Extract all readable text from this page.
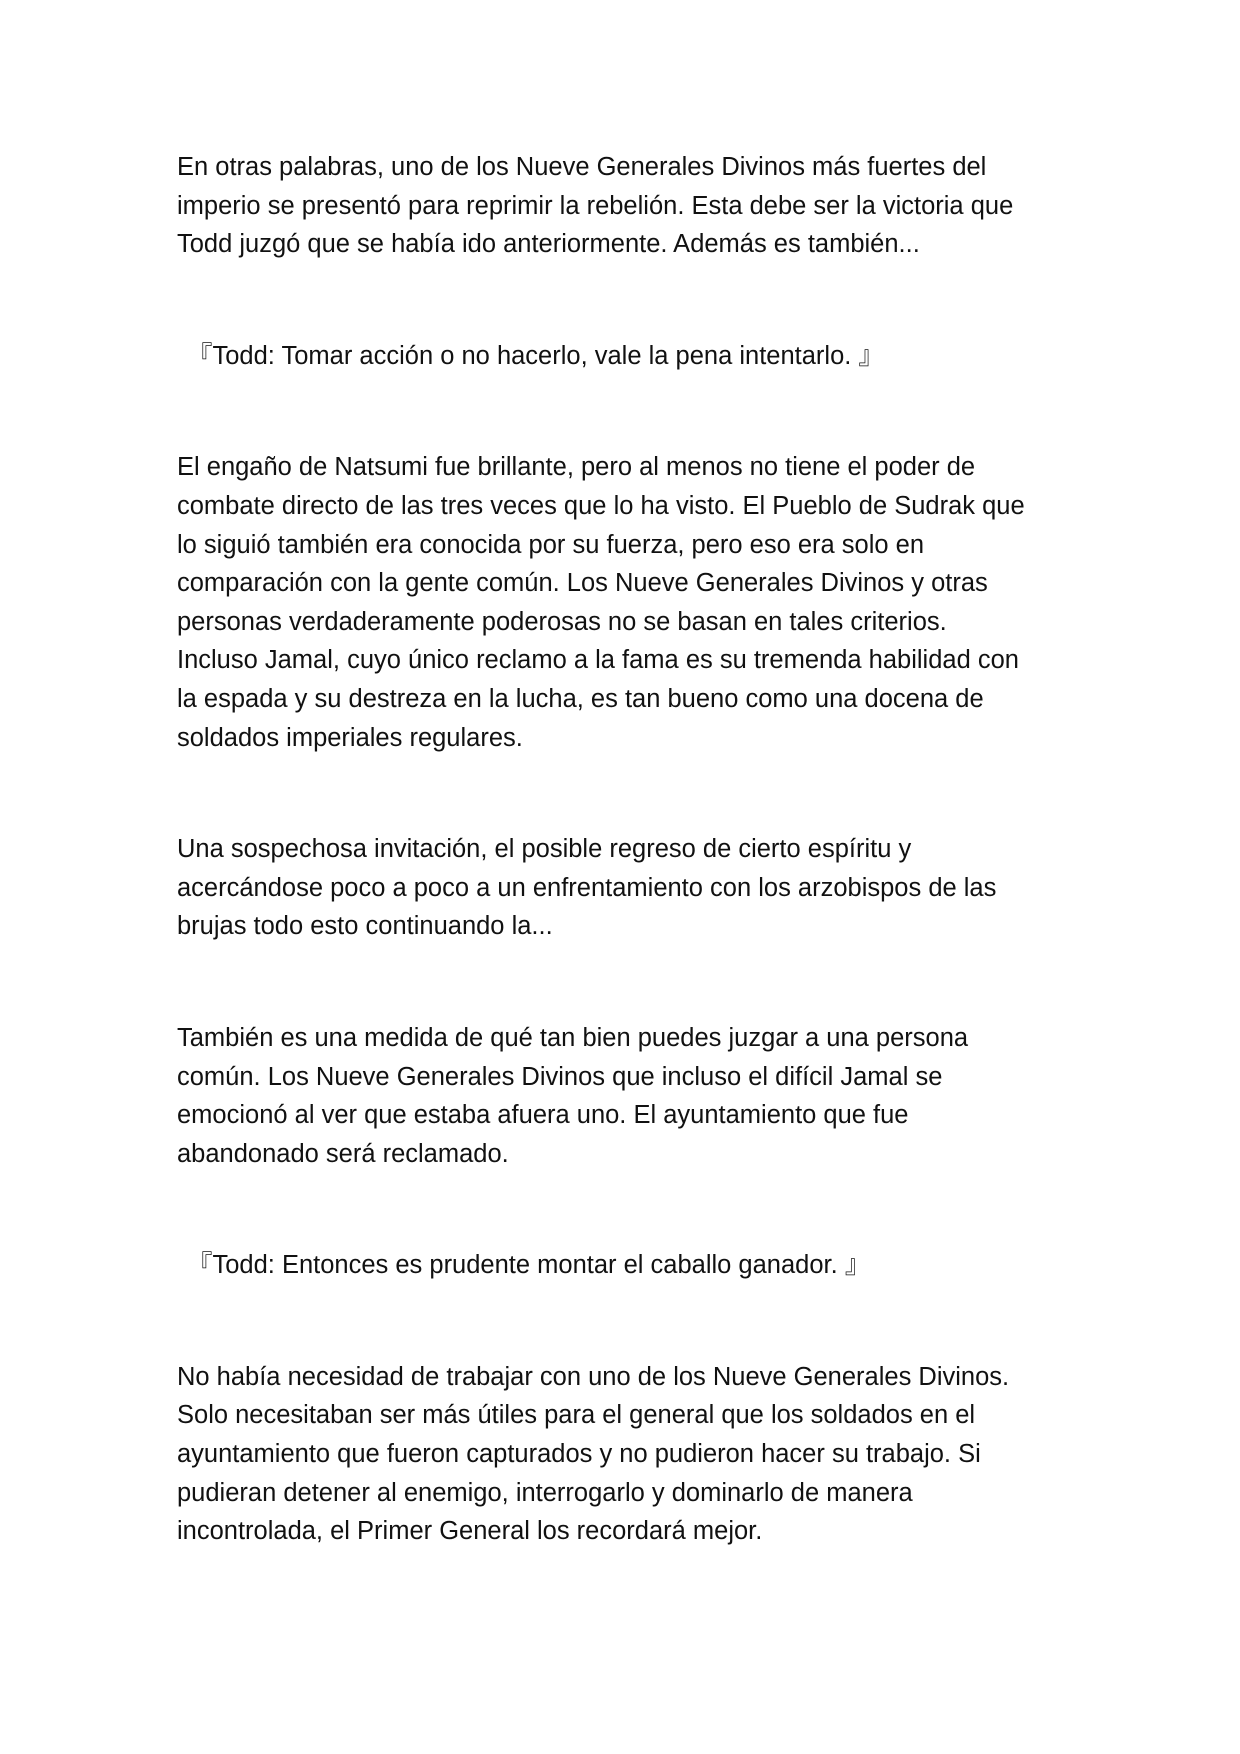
En otras palabras, uno de los Nueve Generales Divinos más fuertes del
imperio se presentó para reprimir la rebelión. Esta debe ser la victoria que
Todd juzgó que se había ido anteriormente. Además es también...

『Todd: Tomar acción o no hacerlo, vale la pena intentarlo. 』

El engaño de Natsumi fue brillante, pero al menos no tiene el poder de
combate directo de las tres veces que lo ha visto. El Pueblo de Sudrak que
lo siguió también era conocida por su fuerza, pero eso era solo en
comparación con la gente común. Los Nueve Generales Divinos y otras
personas verdaderamente poderosas no se basan en tales criterios.
Incluso Jamal, cuyo único reclamo a la fama es su tremenda habilidad con
la espada y su destreza en la lucha, es tan bueno como una docena de
soldados imperiales regulares.

Una sospechosa invitación, el posible regreso de cierto espíritu y
acercándose poco a poco a un enfrentamiento con los arzobispos de las
brujas todo esto continuando la...

También es una medida de qué tan bien puedes juzgar a una persona
común. Los Nueve Generales Divinos que incluso el difícil Jamal se
emocionó al ver que estaba afuera uno. El ayuntamiento que fue
abandonado será reclamado.

『Todd: Entonces es prudente montar el caballo ganador. 』

No había necesidad de trabajar con uno de los Nueve Generales Divinos.
Solo necesitaban ser más útiles para el general que los soldados en el
ayuntamiento que fueron capturados y no pudieron hacer su trabajo. Si
pudieran detener al enemigo, interrogarlo y dominarlo de manera
incontrolada, el Primer General los recordará mejor.
